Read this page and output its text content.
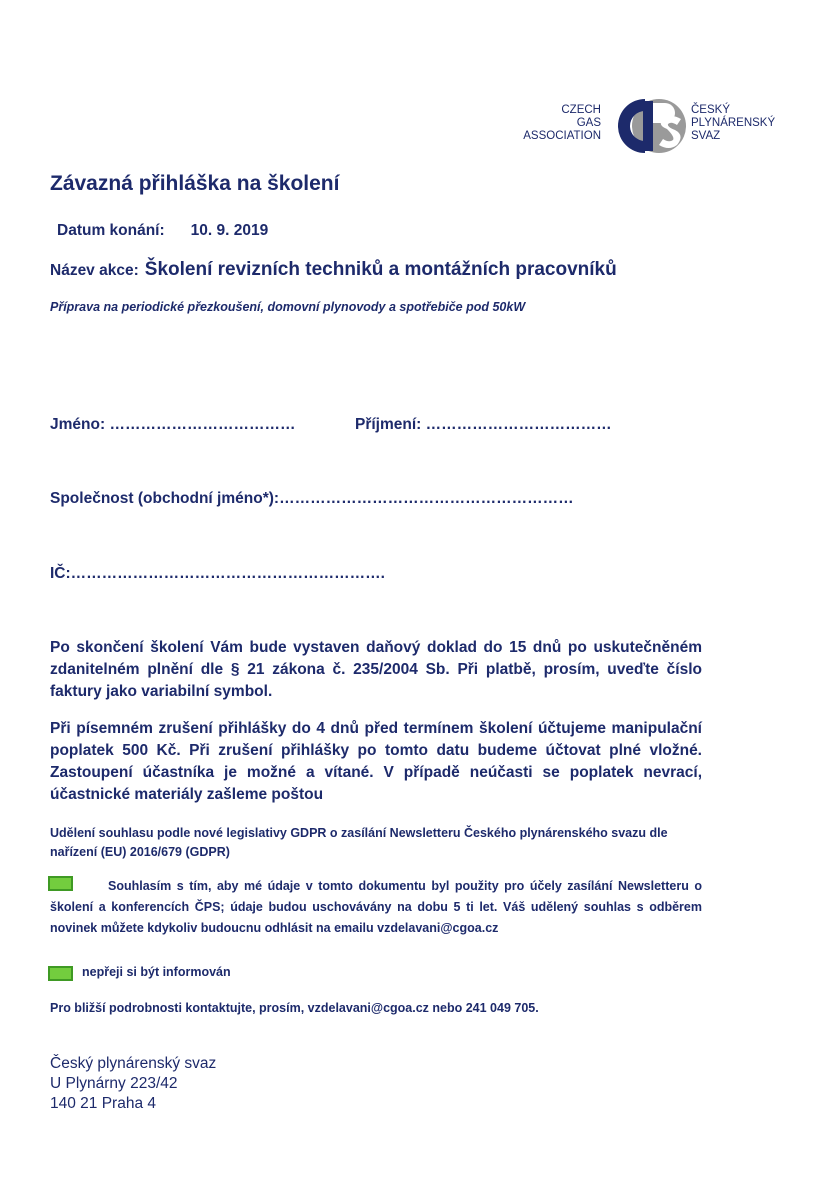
CZECH
GAS
ASSOCIATION
ČESKÝ
PLYNÁRENSKÝ
SVAZ
Závazná přihláška na školení
Datum konání: 10. 9. 2019
Název akce: Školení revizních techniků a montážních pracovníků
Příprava na periodické přezkoušení, domovní plynovody a spotřebiče pod 50kW
Jméno: ………………………………	Příjmení: ………………………………
Společnost (obchodní jméno*):…………………………………………………
IČ:…………………………………………………….
Po skončení školení Vám bude vystaven daňový doklad do 15 dnů po uskutečněném zdanitelném plnění dle § 21 zákona č. 235/2004 Sb. Při platbě, prosím, uveďte číslo faktury jako variabilní symbol.
Při písemném zrušení přihlášky do 4 dnů před termínem školení účtujeme manipulační poplatek 500 Kč. Při zrušení přihlášky po tomto datu budeme účtovat plné vložné. Zastoupení účastníka je možné a vítané. V případě neúčasti se poplatek nevrací, účastnické materiály zašleme poštou
Udělení souhlasu podle nové legislativy GDPR o zasílání Newsletteru Českého plynárenského svazu dle nařízení (EU) 2016/679 (GDPR)
Souhlasím s tím, aby mé údaje v tomto dokumentu byl použity pro účely zasílání Newsletteru o školení a konferencích ČPS; údaje budou uschovávány na dobu 5 ti let. Váš udělený souhlas s odběrem novinek můžete kdykoliv budoucnu odhlásit na emailu vzdelavani@cgoa.cz
nepřeji si být informován
Pro bližší podrobnosti kontaktujte, prosím, vzdelavani@cgoa.cz nebo 241 049 705.
Český plynárenský svaz
U Plynárny 223/42
140 21 Praha 4
